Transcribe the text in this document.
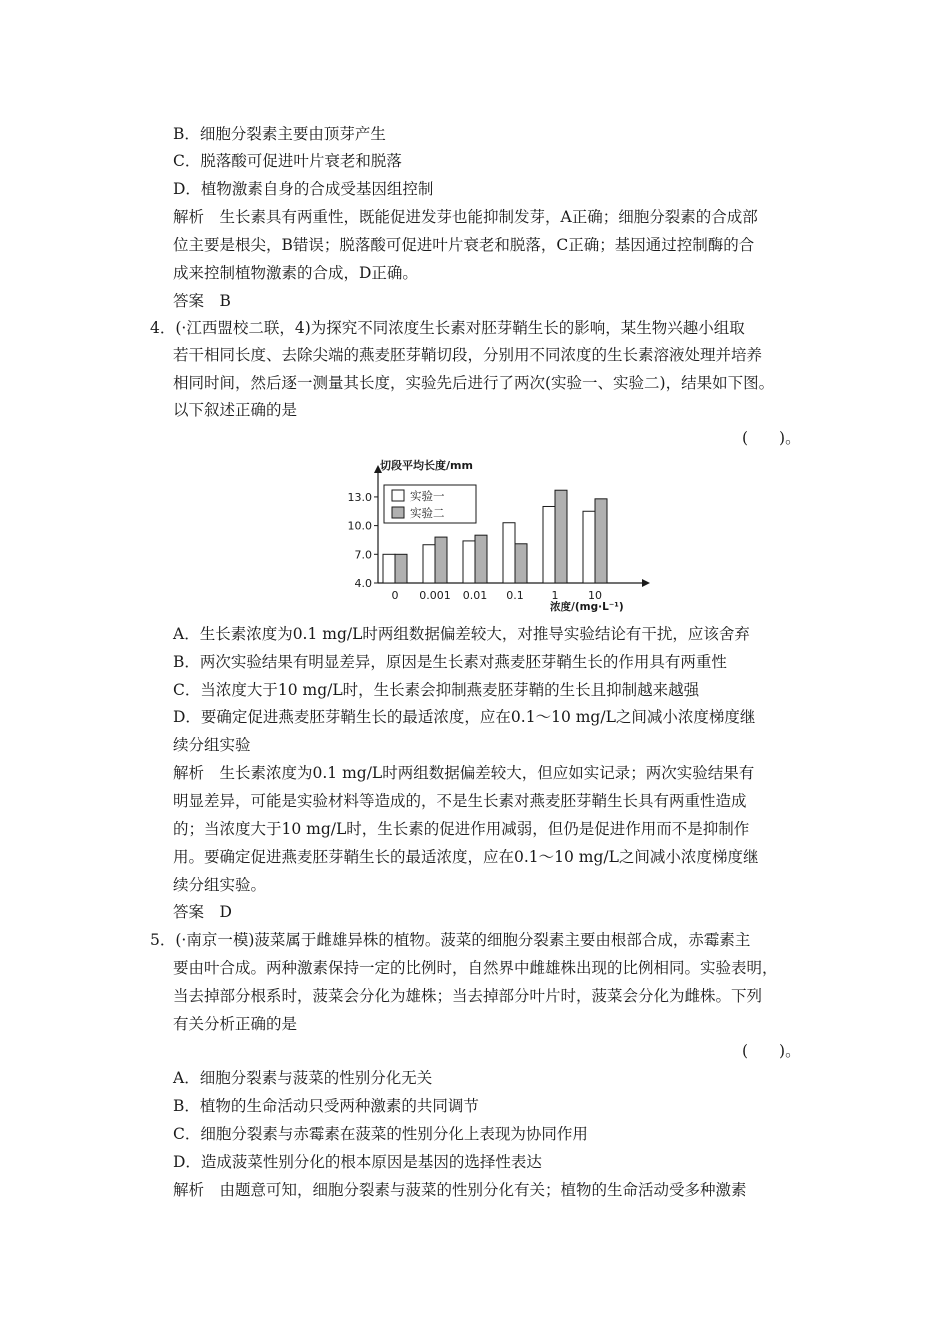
B．细胞分裂素主要由顶芽产生
C．脱落酸可促进叶片衰老和脱落
D．植物激素自身的合成受基因组控制
解析　生长素具有两重性，既能促进发芽也能抑制发芽，A正确；细胞分裂素的合成部
位主要是根尖，B错误；脱落酸可促进叶片衰老和脱落，C正确；基因通过控制酶的合
成来控制植物激素的合成，D正确。
答案　B
4．(·江西盟校二联，4)为探究不同浓度生长素对胚芽鞘生长的影响，某生物兴趣小组取
若干相同长度、去除尖端的燕麦胚芽鞘切段，分别用不同浓度的生长素溶液处理并培养
相同时间，然后逐一测量其长度，实验先后进行了两次(实验一、实验二)，结果如下图。
以下叙述正确的是
(　　)。
切段平均长度/mm
4.0
7.0
10.0
13.0
0 0.001 0.01 0.1	1	10
实验一
实验二
浓度/(mg·L⁻¹)
A．生长素浓度为0.1 mg/L时两组数据偏差较大，对推导实验结论有干扰，应该舍弃
B．两次实验结果有明显差异，原因是生长素对燕麦胚芽鞘生长的作用具有两重性
C．当浓度大于10 mg/L时，生长素会抑制燕麦胚芽鞘的生长且抑制越来越强
D．要确定促进燕麦胚芽鞘生长的最适浓度，应在0.1～10 mg/L之间减小浓度梯度继
续分组实验
解析　生长素浓度为0.1 mg/L时两组数据偏差较大，但应如实记录；两次实验结果有
明显差异，可能是实验材料等造成的，不是生长素对燕麦胚芽鞘生长具有两重性造成
的；当浓度大于10 mg/L时，生长素的促进作用减弱，但仍是促进作用而不是抑制作
用。要确定促进燕麦胚芽鞘生长的最适浓度，应在0.1～10 mg/L之间减小浓度梯度继
续分组实验。
答案　D
5．(·南京一模)菠菜属于雌雄异株的植物。菠菜的细胞分裂素主要由根部合成，赤霉素主
要由叶合成。两种激素保持一定的比例时，自然界中雌雄株出现的比例相同。实验表明，
当去掉部分根系时，菠菜会分化为雄株；当去掉部分叶片时，菠菜会分化为雌株。下列
有关分析正确的是
(　　)。
A．细胞分裂素与菠菜的性别分化无关
B．植物的生命活动只受两种激素的共同调节
C．细胞分裂素与赤霉素在菠菜的性别分化上表现为协同作用
D．造成菠菜性别分化的根本原因是基因的选择性表达
解析　由题意可知，细胞分裂素与菠菜的性别分化有关；植物的生命活动受多种激素
